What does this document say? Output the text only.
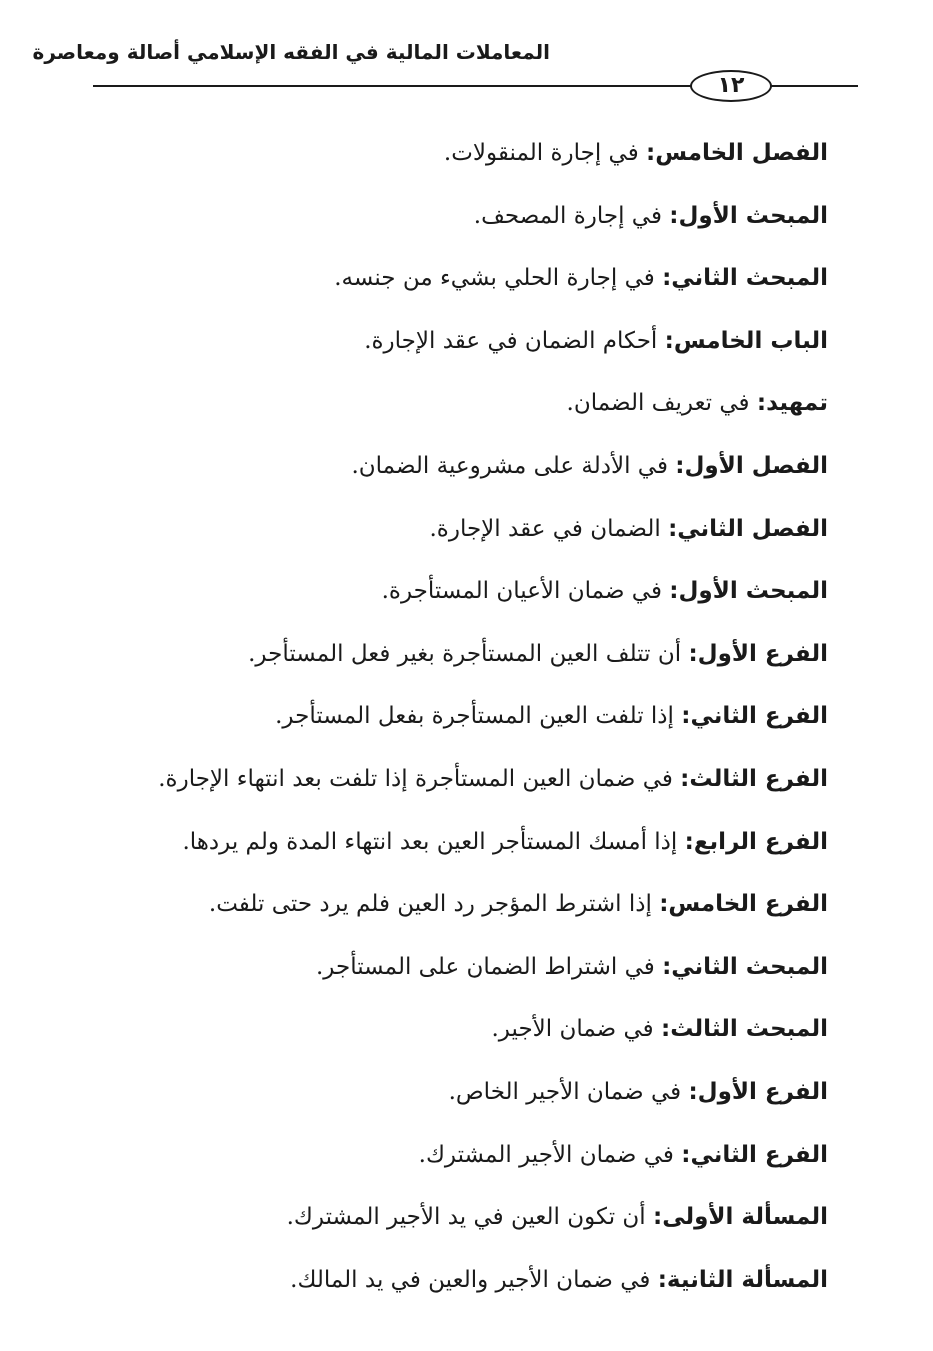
المعاملات المالية في الفقه الإسلامي أصالة ومعاصرة
١٢
الفصل الخامس: في إجارة المنقولات.
المبحث الأول: في إجارة المصحف.
المبحث الثاني: في إجارة الحلي بشيء من جنسه.
الباب الخامس: أحكام الضمان في عقد الإجارة.
تمهيد: في تعريف الضمان.
الفصل الأول: في الأدلة على مشروعية الضمان.
الفصل الثاني: الضمان في عقد الإجارة.
المبحث الأول: في ضمان الأعيان المستأجرة.
الفرع الأول: أن تتلف العين المستأجرة بغير فعل المستأجر.
الفرع الثاني: إذا تلفت العين المستأجرة بفعل المستأجر.
الفرع الثالث: في ضمان العين المستأجرة إذا تلفت بعد انتهاء الإجارة.
الفرع الرابع: إذا أمسك المستأجر العين بعد انتهاء المدة ولم يردها.
الفرع الخامس: إذا اشترط المؤجر رد العين فلم يرد حتى تلفت.
المبحث الثاني: في اشتراط الضمان على المستأجر.
المبحث الثالث: في ضمان الأجير.
الفرع الأول: في ضمان الأجير الخاص.
الفرع الثاني: في ضمان الأجير المشترك.
المسألة الأولى: أن تكون العين في يد الأجير المشترك.
المسألة الثانية: في ضمان الأجير والعين في يد المالك.
